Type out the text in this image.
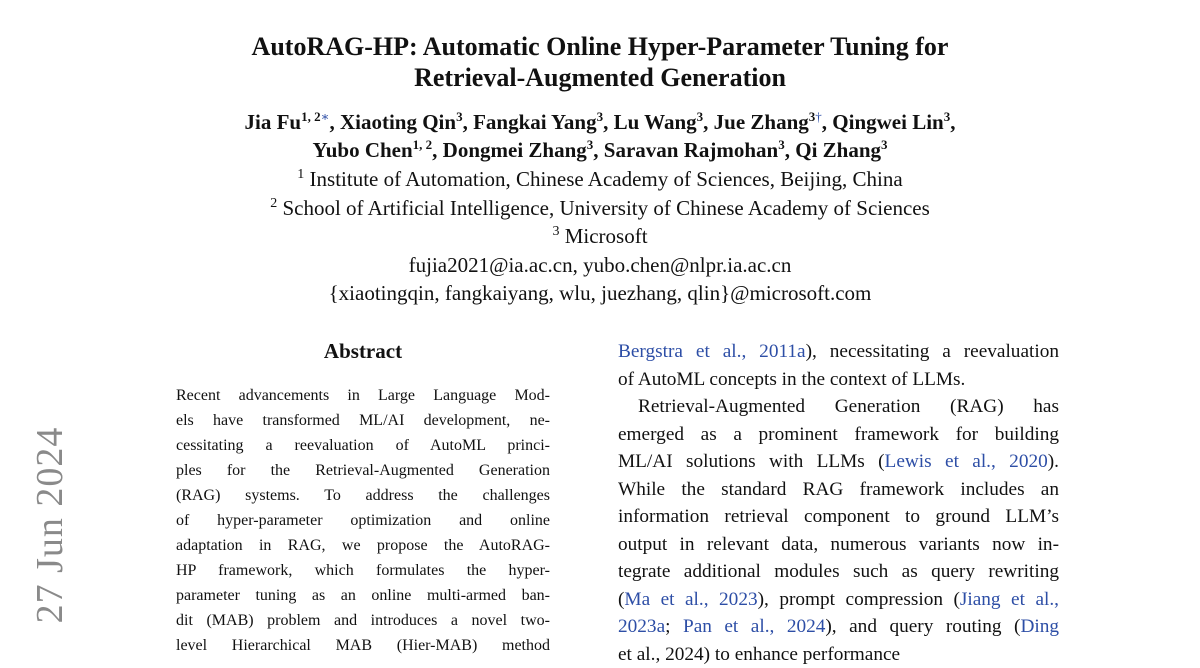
27 Jun 2024
AutoRAG-HP: Automatic Online Hyper-Parameter Tuning for
Retrieval-Augmented Generation
Jia $Fu^{1, 2∗}$, Xiaoting Qin$^3$, Fangkai Yang$^3$, Lu Wang$^3$, Jue Zhang$^{3\dagger}$, Qingwei Lin$^3$,
Yubo Chen$^{1, 2}$, Dongmei Zhang$^3$, Saravan Rajmohan$^3$, Qi Zhang$^3$
$^1$ Institute of Automation, Chinese Academy of Sciences, Beijing, China
$^2$ School of Artificial Intelligence, University of Chinese Academy of Sciences
$^3$ Microsoft
fujia2021@ia.ac.cn, yubo.chen@nlpr.ia.ac.cn
{xiaotingqin, fangkaiyang, wlu, juezhang, qlin}@microsoft.com
Abstract
Recent advancements in Large Language Mod-
els have transformed ML/AI development, ne-
cessitating a reevaluation of AutoML princi-
ples for the Retrieval-Augmented Generation
(RAG) systems. To address the challenges
of hyper-parameter optimization and online
adaptation in RAG, we propose the AutoRAG-
HP framework, which formulates the hyper-
parameter tuning as an online multi-armed ban-
dit (MAB) problem and introduces a novel two-
level Hierarchical MAB (Hier-MAB) method
Bergstra et al., 2011a), necessitating a reevaluation
of AutoML concepts in the context of LLMs.
Retrieval-Augmented Generation (RAG) has
emerged as a prominent framework for building
ML/AI solutions with LLMs (Lewis et al., 2020).
While the standard RAG framework includes an
information retrieval component to ground LLM’s
output in relevant data, numerous variants now in-
tegrate additional modules such as query rewriting
(Ma et al., 2023), prompt compression (Jiang et al.,
2023a; Pan et al., 2024), and query routing (Ding
et al., 2024) to enhance performance
